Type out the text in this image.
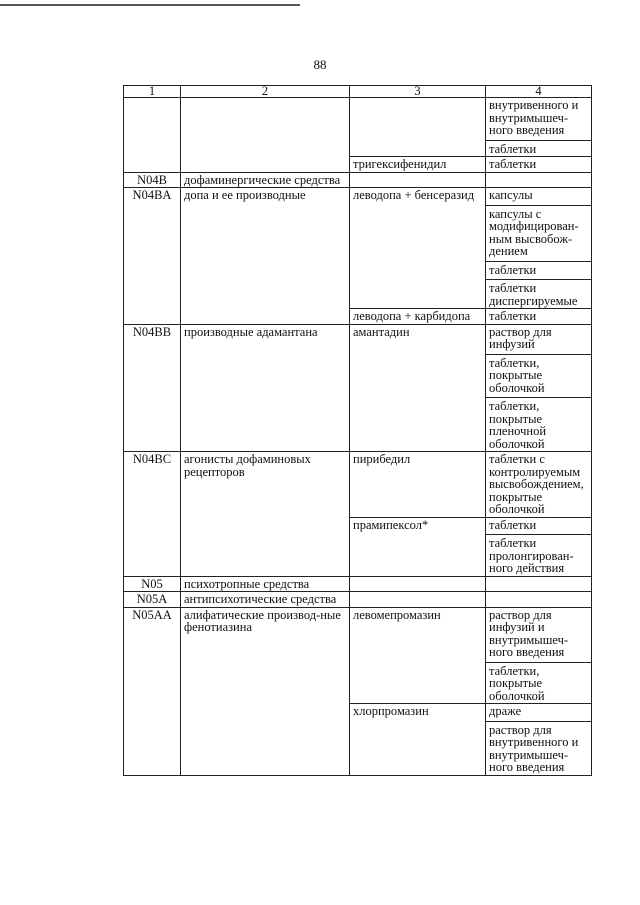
88
1	2	3	4

			внутривенного и внутримышеч-ного введения
таблетки

		тригексифенидил	таблетки

N04B	дофаминергические средства		

N04BA	допа и ее производные	леводопа + бенсеразид	капсулы
капсулы с модифицирован-ным высвобож-дением
таблетки
таблетки диспергируемые

		леводопа + карбидопа	таблетки

N04BB	производные адамантана	амантадин	раствор для инфузий
таблетки, покрытые оболочкой
таблетки, покрытые пленочной оболочкой

N04BC	агонисты дофаминовых рецепторов	пирибедил	таблетки с контролируемым высвобождением, покрытые оболочкой

		прамипексол*	таблетки
таблетки пролонгирован-ного действия

N05	психотропные средства		

N05A	антипсихотические средства		

N05AA	алифатические производ-ные фенотиазина	левомепромазин	раствор для инфузий и внутримышеч-ного введения
таблетки, покрытые оболочкой

		хлорпромазин	драже
раствор для внутривенного и внутримышеч-ного введения
